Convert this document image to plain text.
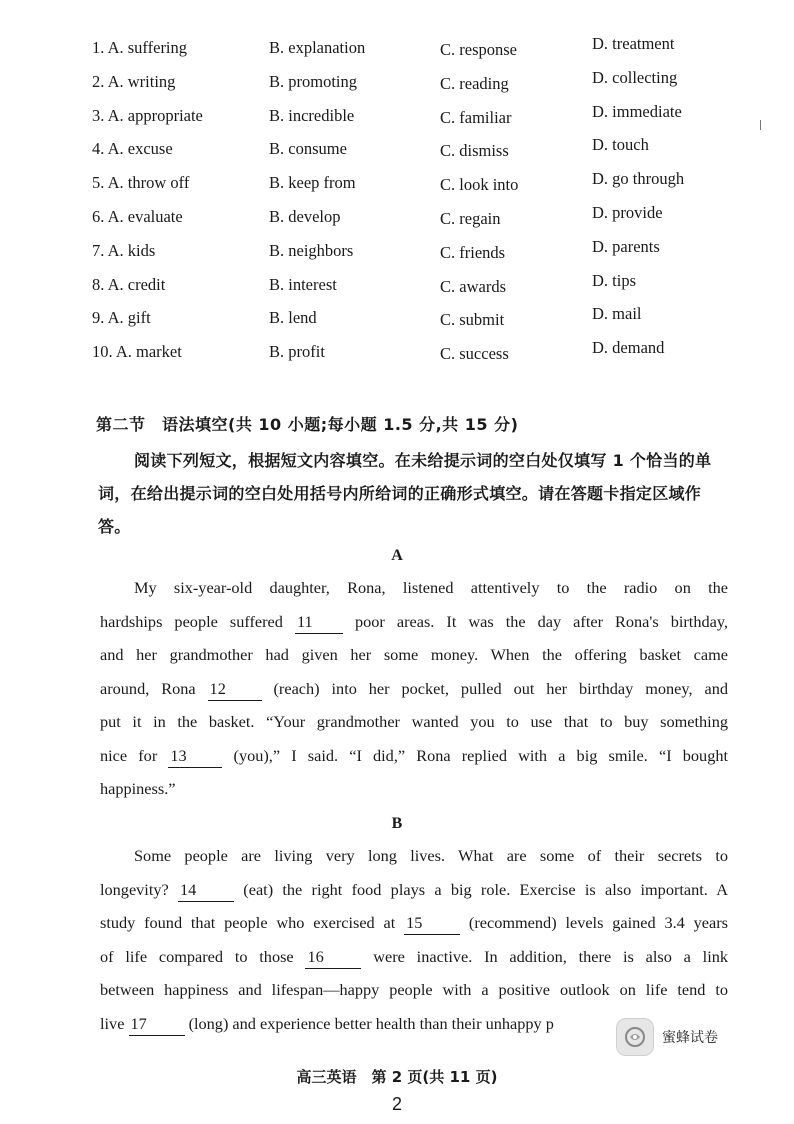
1. A. suffering	B. explanation	C. response	D. treatment
2. A. writing	B. promoting	C. reading	D. collecting
3. A. appropriate	B. incredible	C. familiar	D. immediate
4. A. excuse	B. consume	C. dismiss	D. touch
5. A. throw off	B. keep from	C. look into	D. go through
6. A. evaluate	B. develop	C. regain	D. provide
7. A. kids	B. neighbors	C. friends	D. parents
8. A. credit	B. interest	C. awards	D. tips
9. A. gift	B. lend	C. submit	D. mail
10. A. market	B. profit	C. success	D. demand
第二节　语法填空(共 10 小题;每小题 1.5 分,共 15 分)
阅读下列短文，根据短文内容填空。在未给提示词的空白处仅填写 1 个恰当的单词，在给出提示词的空白处用括号内所给词的正确形式填空。请在答题卡指定区域作答。
A
My six-year-old daughter, Rona, listened attentively to the radio on the
hardships people suffered 11	poor areas. It was the day after Rona's birthday,
and her grandmother had given her some money. When the offering basket came
around, Rona 12	(reach) into her pocket, pulled out her birthday money, and
put it in the basket. “Your grandmother wanted you to use that to buy something
nice for 13	(you),” I said. “I did,” Rona replied with a big smile. “I bought
happiness.”
B
Some people are living very long lives. What are some of their secrets to
longevity? 14	(eat) the right food plays a big role. Exercise is also important. A
study found that people who exercised at 15	(recommend) levels gained 3.4 years
of life compared to those 16	were inactive. In addition, there is also a link
between happiness and lifespan—happy people with a positive outlook on life tend to
live 17	(long) and experience better health than their unhappy p
蜜蜂试卷
高三英语　第 2 页(共 11 页)
2
